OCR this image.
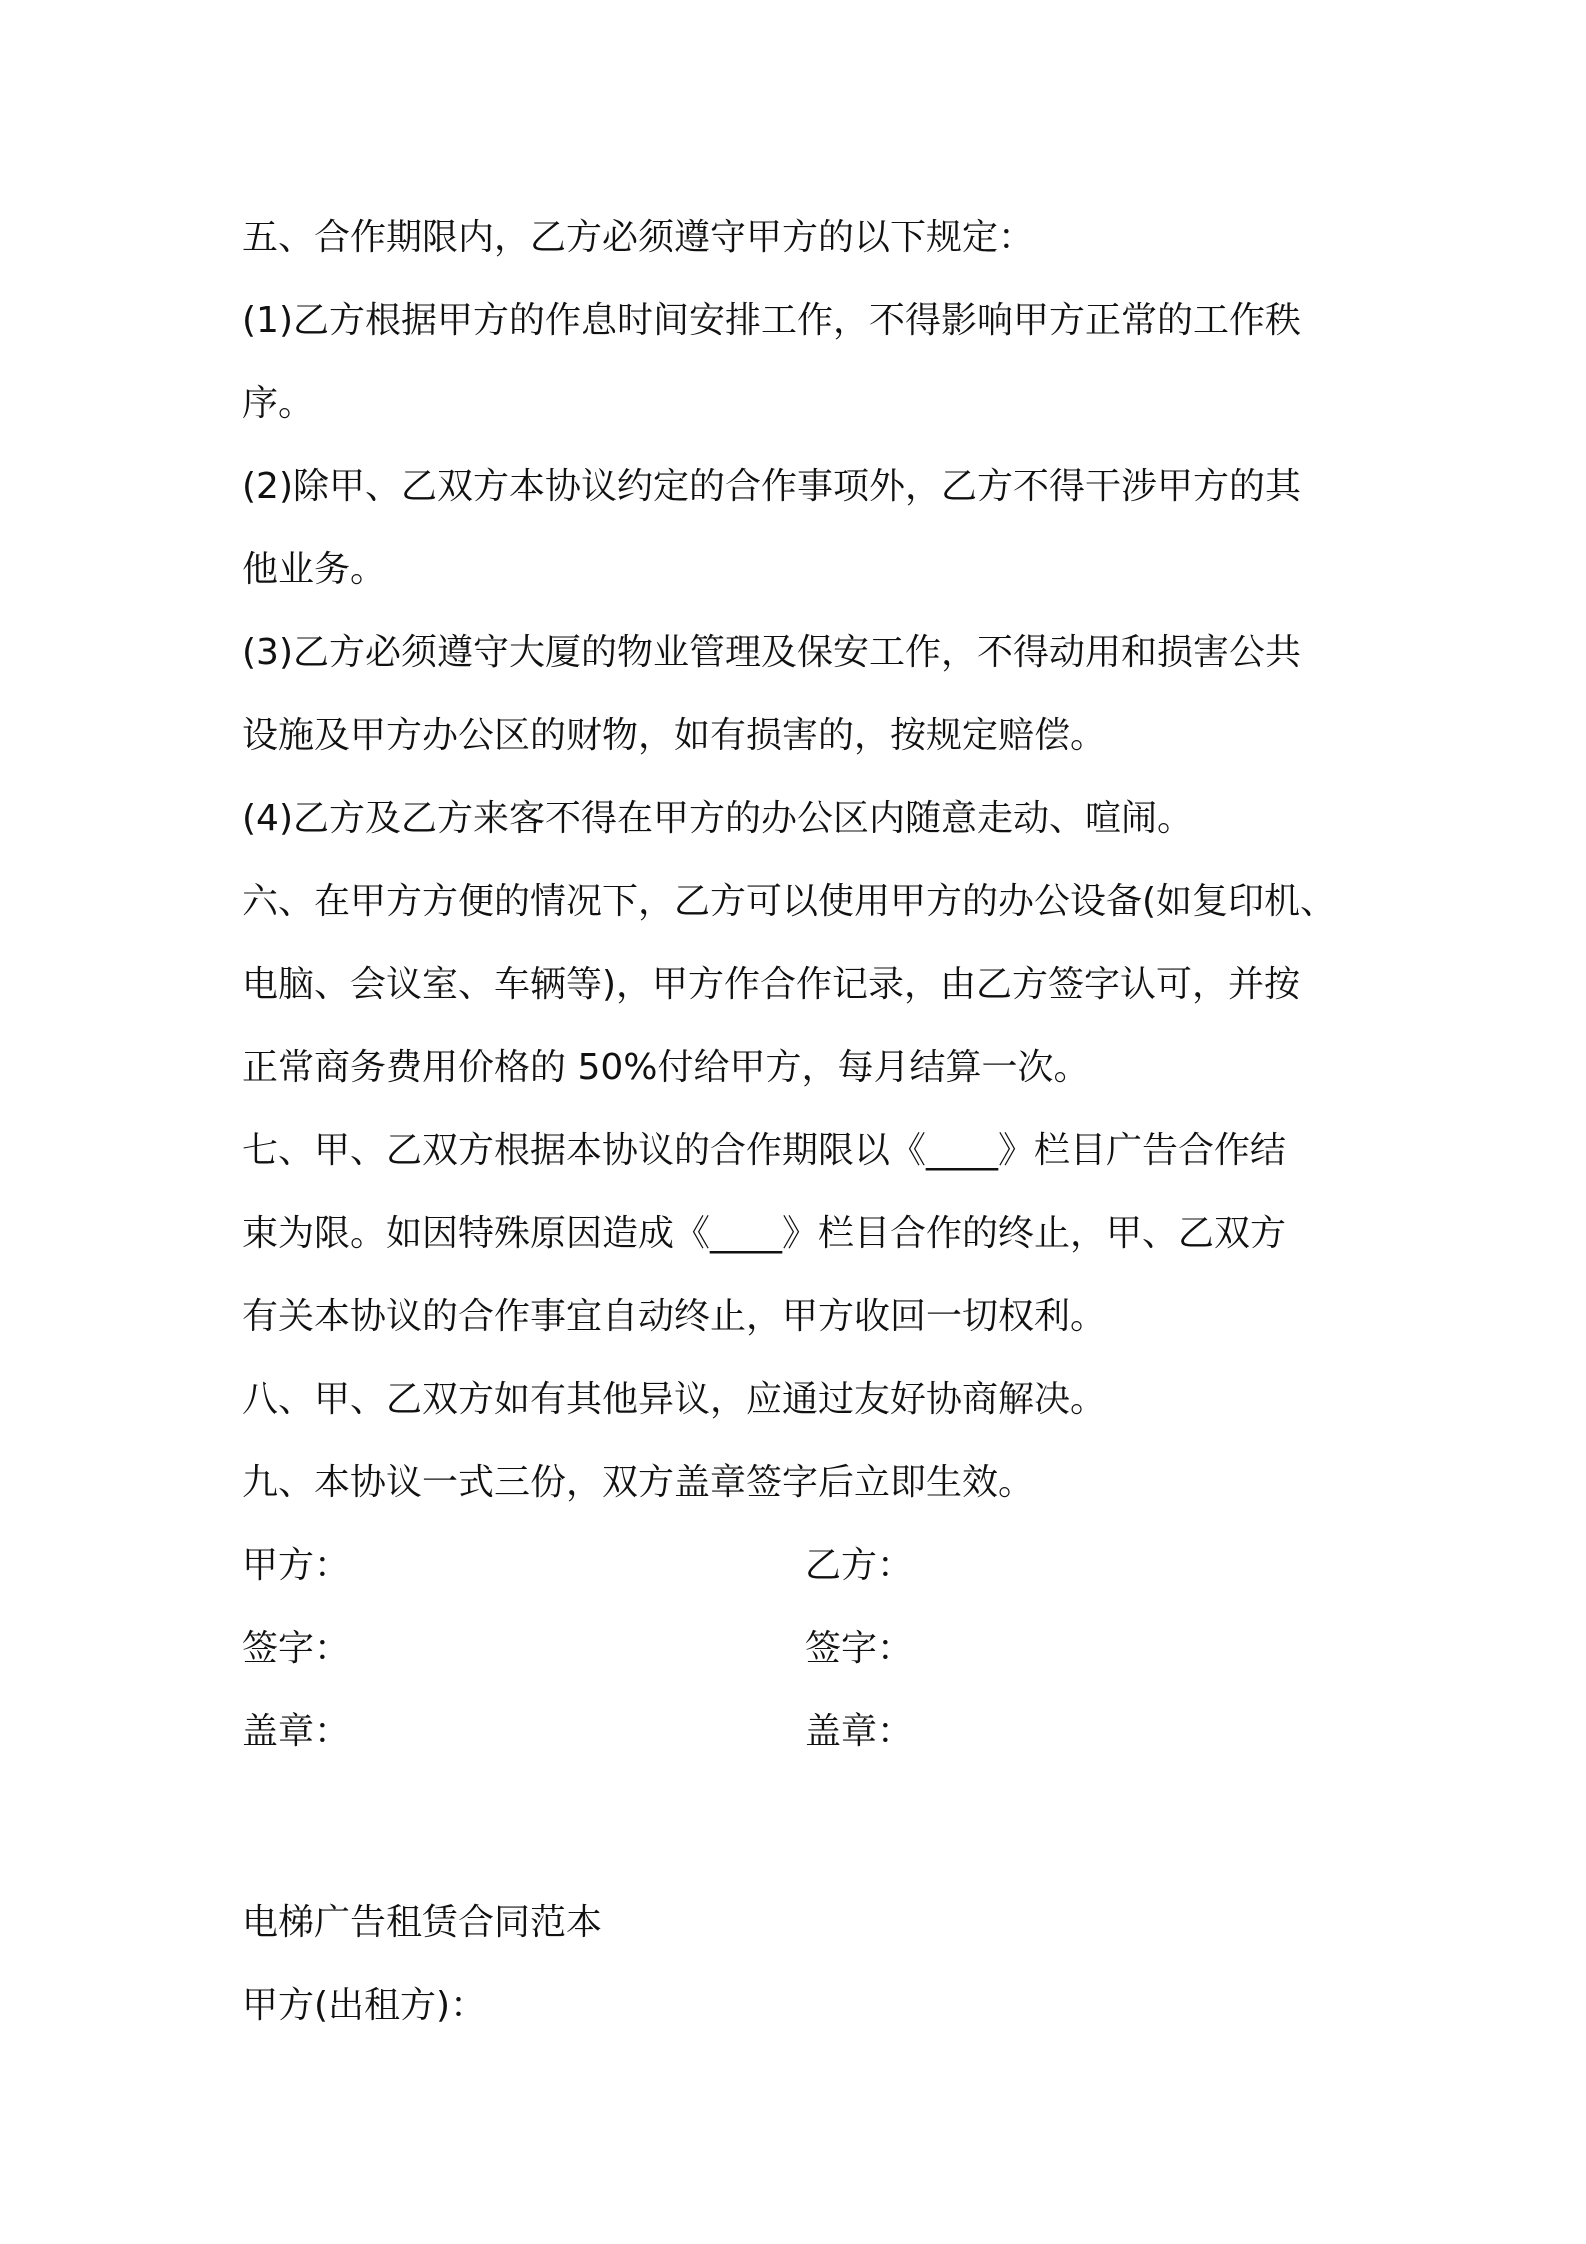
五、合作期限内，乙方必须遵守甲方的以下规定：
(1)乙方根据甲方的作息时间安排工作，不得影响甲方正常的工作秩
序。
(2)除甲、乙双方本协议约定的合作事项外，乙方不得干涉甲方的其
他业务。
(3)乙方必须遵守大厦的物业管理及保安工作，不得动用和损害公共
设施及甲方办公区的财物，如有损害的，按规定赔偿。
(4)乙方及乙方来客不得在甲方的办公区内随意走动、喧闹。
六、在甲方方便的情况下，乙方可以使用甲方的办公设备(如复印机、
电脑、会议室、车辆等)，甲方作合作记录，由乙方签字认可，并按
正常商务费用价格的 50%付给甲方，每月结算一次。
七、甲、乙双方根据本协议的合作期限以《____》栏目广告合作结
束为限。如因特殊原因造成《____》栏目合作的终止，甲、乙双方
有关本协议的合作事宜自动终止，甲方收回一切权利。
八、甲、乙双方如有其他异议，应通过友好协商解决。
九、本协议一式三份，双方盖章签字后立即生效。
甲方：	乙方：
签字：	签字：
盖章：	盖章：
电梯广告租赁合同范本
甲方(出租方)：
